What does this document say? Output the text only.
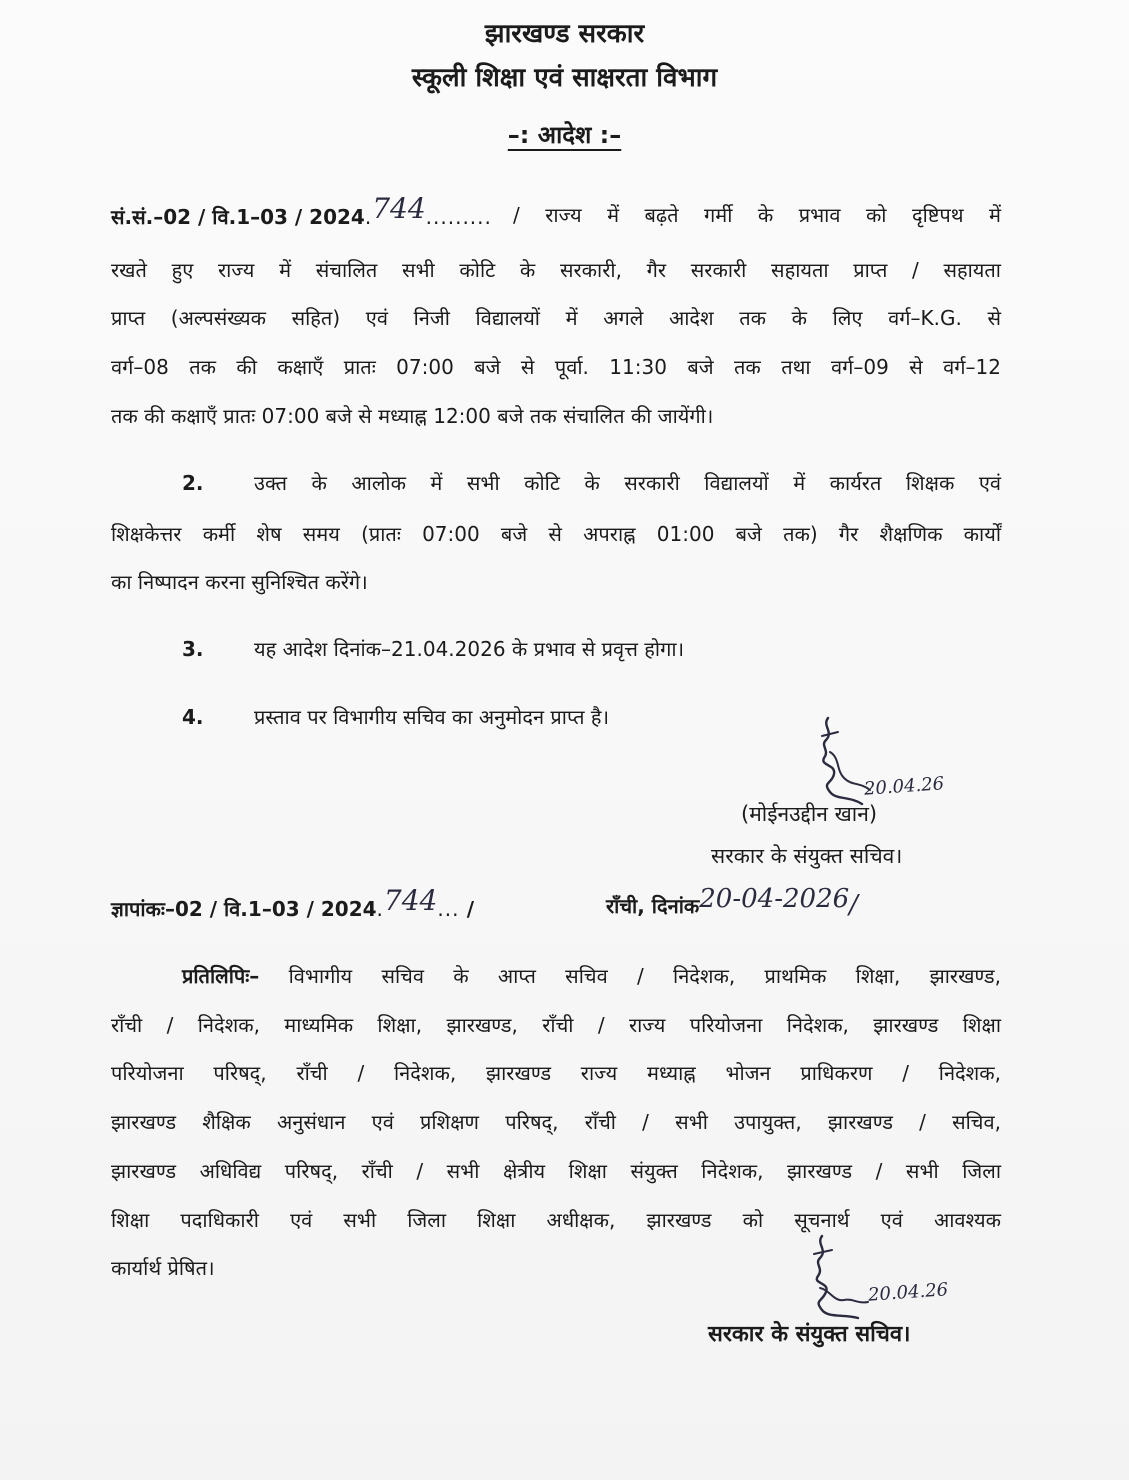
झारखण्ड सरकार
स्कूली शिक्षा एवं साक्षरता विभाग
–: आदेश :–
सं.सं.–02 / वि.1–03 / 2024.744......... / राज्य में बढ़ते गर्मी के प्रभाव को दृष्टिपथ में
रखते हुए राज्य में संचालित सभी कोटि के सरकारी, गैर सरकारी सहायता प्राप्त / सहायता
प्राप्त (अल्पसंख्यक सहित) एवं निजी विद्यालयों में अगले आदेश तक के लिए वर्ग–K.G. से
वर्ग–08 तक की कक्षाएँ प्रातः 07:00 बजे से पूर्वा. 11:30 बजे तक तथा वर्ग–09 से वर्ग–12
तक की कक्षाएँ प्रातः 07:00 बजे से मध्याह्न 12:00 बजे तक संचालित की जायेंगी।
2.	उक्त के आलोक में सभी कोटि के सरकारी विद्यालयों में कार्यरत शिक्षक एवं
शिक्षकेत्तर कर्मी शेष समय (प्रातः 07:00 बजे से अपराह्न 01:00 बजे तक) गैर शैक्षणिक कार्यों
का निष्पादन करना सुनिश्चित करेंगे।
3.	यह आदेश दिनांक–21.04.2026 के प्रभाव से प्रवृत्त होगा।
4.	प्रस्ताव पर विभागीय सचिव का अनुमोदन प्राप्त है।
20.04.26
(मोईनउद्दीन खान)
सरकार के संयुक्त सचिव।
ज्ञापांकः–02 / वि.1–03 / 2024.744... /	राँची, दिनांक20-04-2026/
प्रतिलिपिः– विभागीय सचिव के आप्त सचिव / निदेशक, प्राथमिक शिक्षा, झारखण्ड,
राँची / निदेशक, माध्यमिक शिक्षा, झारखण्ड, राँची / राज्य परियोजना निदेशक, झारखण्ड शिक्षा
परियोजना परिषद्, राँची / निदेशक, झारखण्ड राज्य मध्याह्न भोजन प्राधिकरण / निदेशक,
झारखण्ड शैक्षिक अनुसंधान एवं प्रशिक्षण परिषद्, राँची / सभी उपायुक्त, झारखण्ड / सचिव,
झारखण्ड अधिविद्य परिषद्, राँची / सभी क्षेत्रीय शिक्षा संयुक्त निदेशक, झारखण्ड / सभी जिला
शिक्षा पदाधिकारी एवं सभी जिला शिक्षा अधीक्षक, झारखण्ड को सूचनार्थ एवं आवश्यक
कार्यार्थ प्रेषित।
20.04.26
सरकार के संयुक्त सचिव।
